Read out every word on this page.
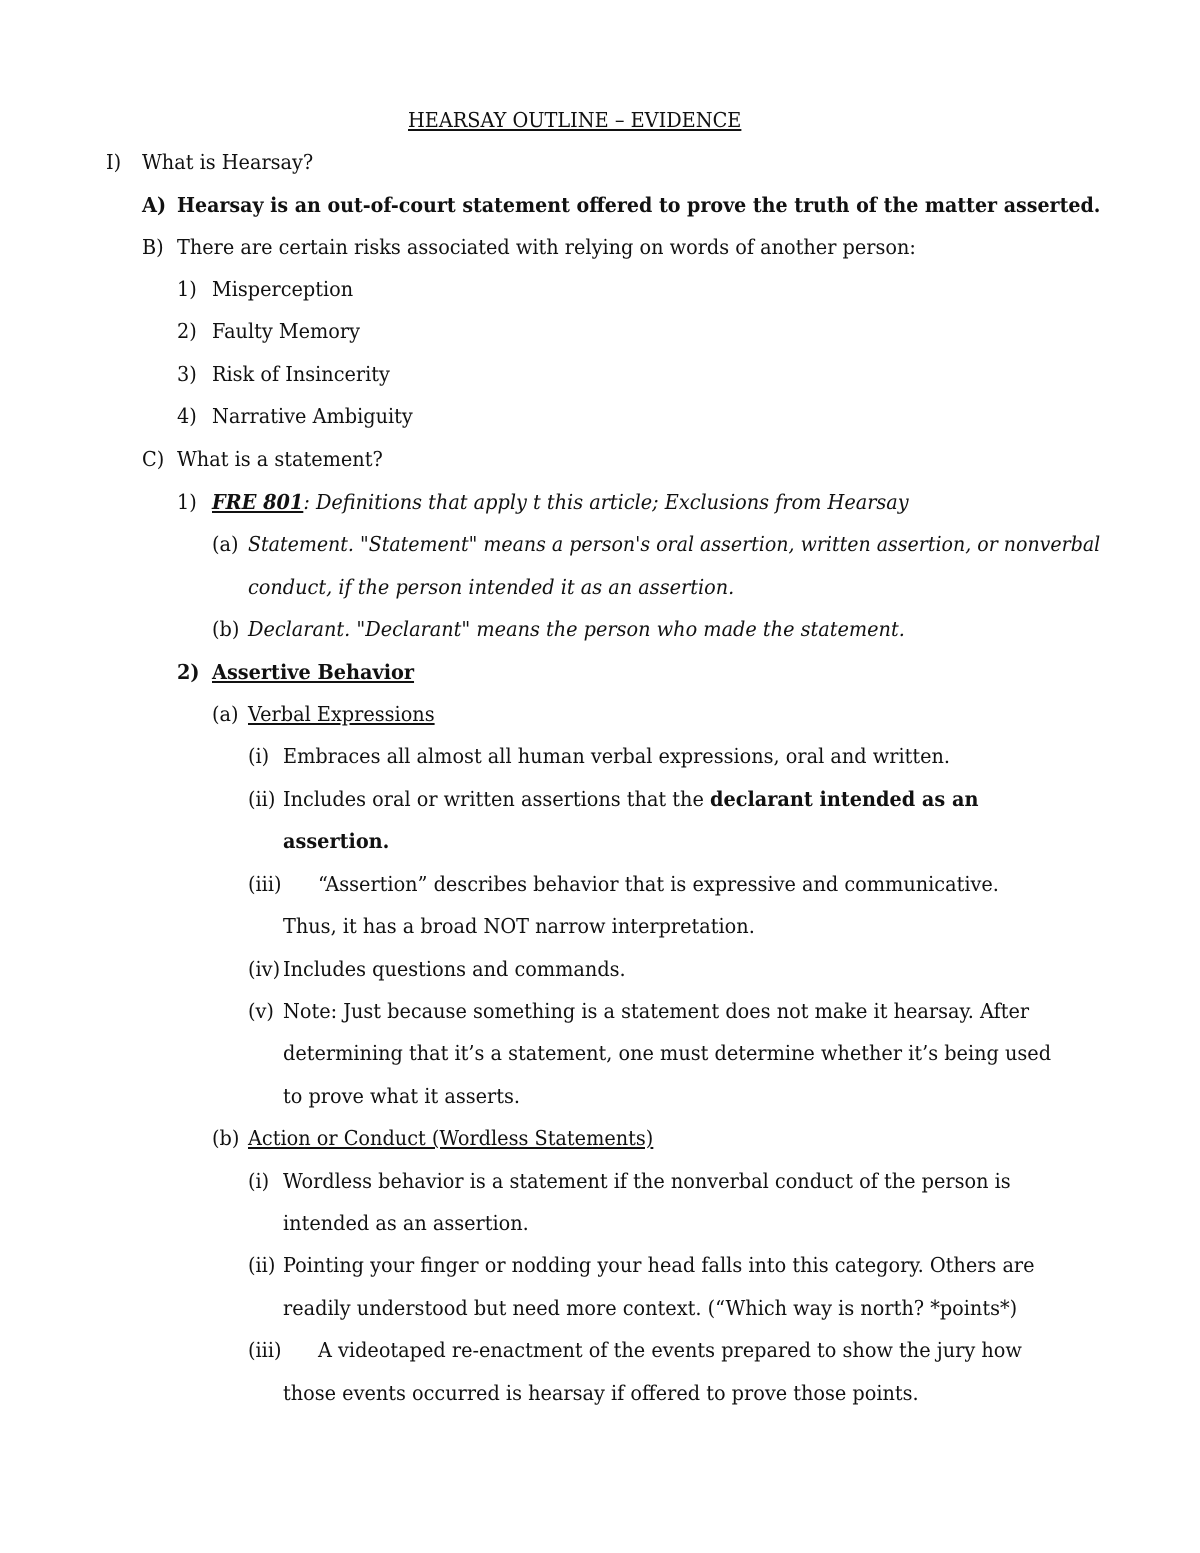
HEARSAY OUTLINE – EVIDENCE
I) What is Hearsay?
A) Hearsay is an out-of-court statement offered to prove the truth of the matter asserted.
B) There are certain risks associated with relying on words of another person:
1) Misperception
2) Faulty Memory
3) Risk of Insincerity
4) Narrative Ambiguity
C) What is a statement?
1) FRE 801: Definitions that apply t this article; Exclusions from Hearsay
(a) Statement. "Statement" means a person's oral assertion, written assertion, or nonverbal
conduct, if the person intended it as an assertion.
(b) Declarant. "Declarant" means the person who made the statement.
2) Assertive Behavior
(a) Verbal Expressions
(i) Embraces all almost all human verbal expressions, oral and written.
(ii) Includes oral or written assertions that the declarant intended as an
assertion.
(iii) “Assertion” describes behavior that is expressive and communicative.
Thus, it has a broad NOT narrow interpretation.
(iv) Includes questions and commands.
(v) Note: Just because something is a statement does not make it hearsay. After
determining that it’s a statement, one must determine whether it’s being used
to prove what it asserts.
(b) Action or Conduct (Wordless Statements)
(i) Wordless behavior is a statement if the nonverbal conduct of the person is
intended as an assertion.
(ii) Pointing your finger or nodding your head falls into this category. Others are
readily understood but need more context. (“Which way is north? *points*)
(iii) A videotaped re-enactment of the events prepared to show the jury how
those events occurred is hearsay if offered to prove those points.
